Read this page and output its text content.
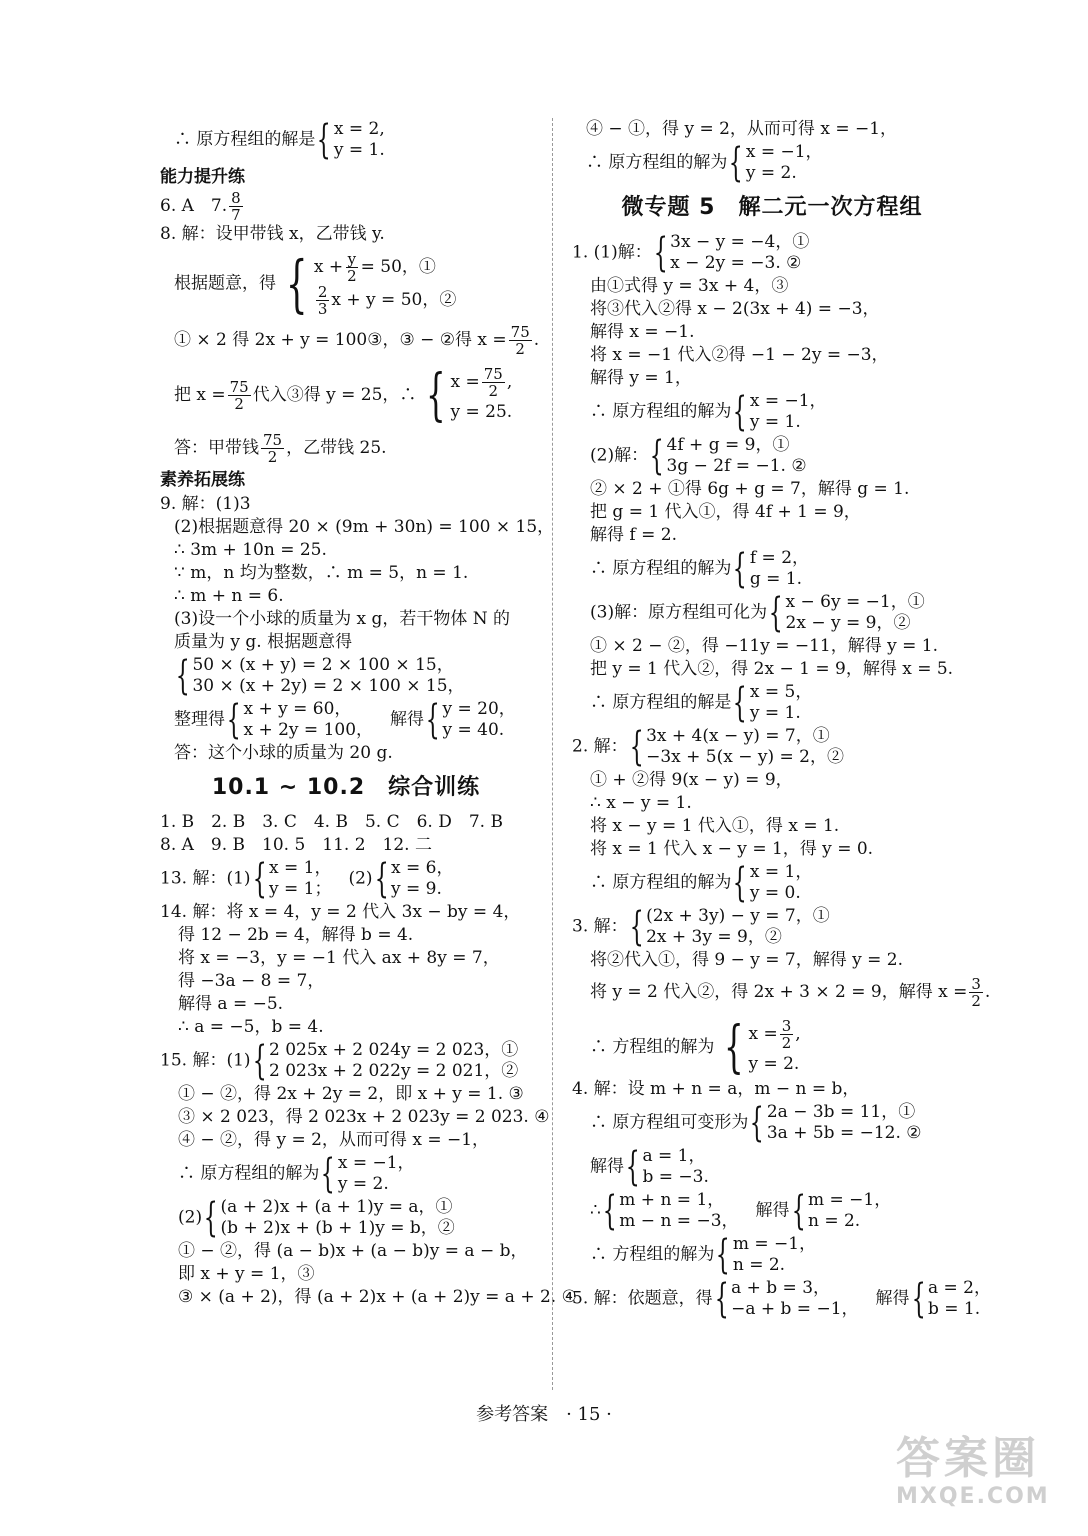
∴ 原方程组的解是 { x = 2,
y = 1.
能力提升练
6. A　7. $\frac{8}{7}$
8. 解：设甲带钱 x，乙带钱 y.
根据题意，得 { $x + \frac{y}{2} = 50$，①
$\frac{2}{3}$ x + y = 50，②
① × 2 得 2x + y = 100③，③ − ②得 $x = \frac{75}{2}$ .
把 $x = \frac{75}{2}$ 代入③得 y = 25，∴ { $x = \frac{75}{2}$ ,
y = 25.
答：甲带钱 $\frac{75}{2}$ ，乙带钱 25.
素养拓展练
9. 解：(1)3
(2)根据题意得 20 × (9m + 30n) = 100 × 15，
∴ 3m + 10n = 25.
∵ m，n 均为整数，∴ m = 5，n = 1.
∴ m + n = 6.
(3)设一个小球的质量为 x g，若干物体 N 的
质量为 y g. 根据题意得
{ 50 × (x + y) = 2 × 100 × 15，
30 × (x + 2y) = 2 × 100 × 15，
整理得 { x + y = 60，
x + 2y = 100，
　解得 { y = 20，
y = 40.
答：这个小球的质量为 20 g.
10.1 ~ 10.2　综合训练
1. B　2. B　3. C　4. B　5. C　6. D　7. B
8. A　9. B　10. 5　11. 2　12. 二
13. 解：(1) { x = 1，
y = 1；
　(2) { x = 6，
y = 9.
14. 解：将 x = 4，y = 2 代入 3x − by = 4，
得 12 − 2b = 4，解得 b = 4.
将 x = −3，y = −1 代入 ax + 8y = 7，
得 −3a − 8 = 7，
解得 a = −5.
∴ a = −5，b = 4.
15. 解：(1) { 2 025x + 2 024y = 2 023，①
2 023x + 2 022y = 2 021，②
① − ②，得 2x + 2y = 2，即 x + y = 1. ③
③ × 2 023，得 2 023x + 2 023y = 2 023. ④
④ − ②，得 y = 2，从而可得 x = −1，
∴ 原方程组的解为 { x = −1，
y = 2.
(2) { (a + 2)x + (a + 1)y = a，①
(b + 2)x + (b + 1)y = b，②
① − ②，得 (a − b)x + (a − b)y = a − b，
即 x + y = 1，③
③ × (a + 2)，得 (a + 2)x + (a + 2)y = a + 2. ④
④ − ①，得 y = 2，从而可得 x = −1，
∴ 原方程组的解为 { x = −1，
y = 2.
微专题 5　解二元一次方程组
1. (1)解： { 3x − y = −4，①
x − 2y = −3. ②
由①式得 y = 3x + 4，③
将③代入②得 x − 2(3x + 4) = −3，
解得 x = −1.
将 x = −1 代入②得 −1 − 2y = −3，
解得 y = 1，
∴ 原方程组的解为 { x = −1，
y = 1.
(2)解： { 4f + g = 9，①
3g − 2f = −1. ②
② × 2 + ①得 6g + g = 7，解得 g = 1.
把 g = 1 代入①，得 4f + 1 = 9，
解得 f = 2.
∴ 原方程组的解为 { f = 2，
g = 1.
(3)解：原方程组可化为 { x − 6y = −1，①
2x − y = 9，②
① × 2 − ②，得 −11y = −11，解得 y = 1.
把 y = 1 代入②，得 2x − 1 = 9，解得 x = 5.
∴ 原方程组的解是 { x = 5，
y = 1.
2. 解： { 3x + 4(x − y) = 7，①
−3x + 5(x − y) = 2，②
① + ②得 9(x − y) = 9，
∴ x − y = 1.
将 x − y = 1 代入①，得 x = 1.
将 x = 1 代入 x − y = 1，得 y = 0.
∴ 原方程组的解为 { x = 1，
y = 0.
3. 解： { (2x + 3y) − y = 7，①
2x + 3y = 9，②
将②代入①，得 9 − y = 7，解得 y = 2.
将 y = 2 代入②，得 2x + 3 × 2 = 9，解得 $x = \frac{3}{2}$ .
∴ 方程组的解为 { $x = \frac{3}{2}$ ,
y = 2.
4. 解：设 m + n = a，m − n = b，
∴ 原方程组可变形为 { 2a − 3b = 11，①
3a + 5b = −12. ②
解得 { a = 1，
b = −3.
∴ { m + n = 1，
m − n = −3，
　解得 { m = −1，
n = 2.
∴ 方程组的解为 { m = −1，
n = 2.
5. 解：依题意，得 { a + b = 3，
−a + b = −1，
　解得 { a = 2，
b = 1.
参考答案　· 15 ·
答案圈
MXQE.COM
